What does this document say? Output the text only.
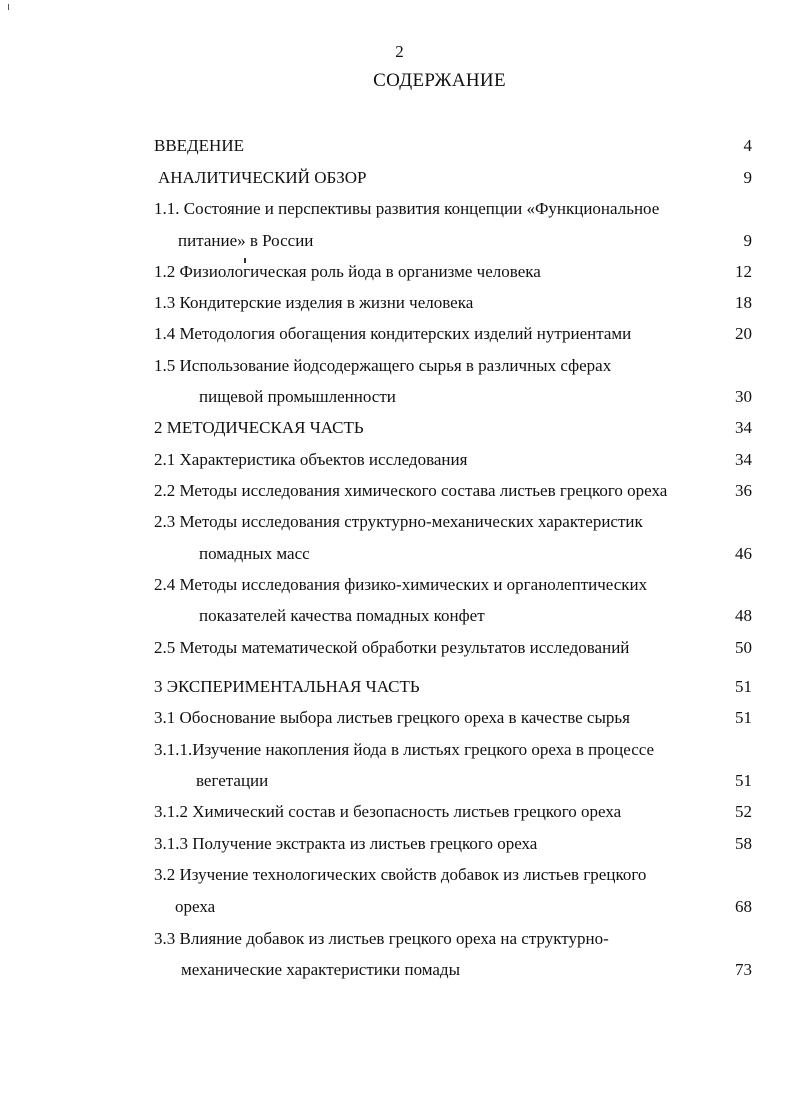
2
СОДЕРЖАНИЕ
ВВЕДЕНИЕ	4
АНАЛИТИЧЕСКИЙ ОБЗОР	9
1.1. Состояние и перспективы развития концепции «Функциональное
питание» в России	9
1.2 Физиологическая роль йода в организме человека	12
1.3 Кондитерские изделия в жизни человека	18
1.4 Методология обогащения кондитерских изделий нутриентами	20
1.5 Использование йодсодержащего сырья в различных сферах
пищевой промышленности	30
2 МЕТОДИЧЕСКАЯ ЧАСТЬ	34
2.1 Характеристика объектов исследования	34
2.2 Методы исследования химического состава листьев грецкого ореха	36
2.3 Методы исследования структурно-механических характеристик
помадных масс	46
2.4 Методы исследования физико-химических и органолептических
показателей качества помадных конфет	48
2.5 Методы математической обработки результатов исследований	50
3 ЭКСПЕРИМЕНТАЛЬНАЯ ЧАСТЬ	51
3.1 Обоснование выбора листьев грецкого ореха в качестве сырья	51
3.1.1.Изучение накопления йода в листьях грецкого ореха в процессе
вегетации	51
3.1.2 Химический состав и безопасность листьев грецкого ореха	52
3.1.3 Получение экстракта из листьев грецкого ореха	58
3.2 Изучение технологических свойств добавок из листьев грецкого
ореха	68
3.3 Влияние добавок из листьев грецкого ореха на структурно-
механические характеристики помады	73
